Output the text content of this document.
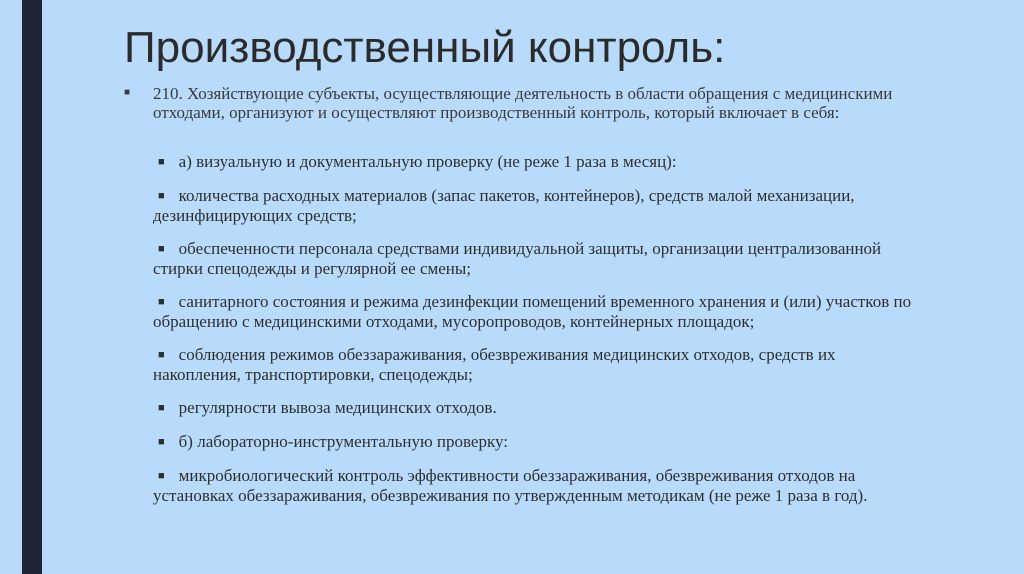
Производственный контроль:
■ 210. Хозяйствующие субъекты, осуществляющие деятельность в области обращения с медицинскими отходами, организуют и осуществляют производственный контроль, который включает в себя:
■ а) визуальную и документальную проверку (не реже 1 раза в месяц):
■ количества расходных материалов (запас пакетов, контейнеров), средств малой механизации, дезинфицирующих средств;
■ обеспеченности персонала средствами индивидуальной защиты, организации централизованной стирки спецодежды и регулярной ее смены;
■ санитарного состояния и режима дезинфекции помещений временного хранения и (или) участков по обращению с медицинскими отходами, мусоропроводов, контейнерных площадок;
■ соблюдения режимов обеззараживания, обезвреживания медицинских отходов, средств их накопления, транспортировки, спецодежды;
■ регулярности вывоза медицинских отходов.
■ б) лабораторно-инструментальную проверку:
■ микробиологический контроль эффективности обеззараживания, обезвреживания отходов на установках обеззараживания, обезвреживания по утвержденным методикам (не реже 1 раза в год).
